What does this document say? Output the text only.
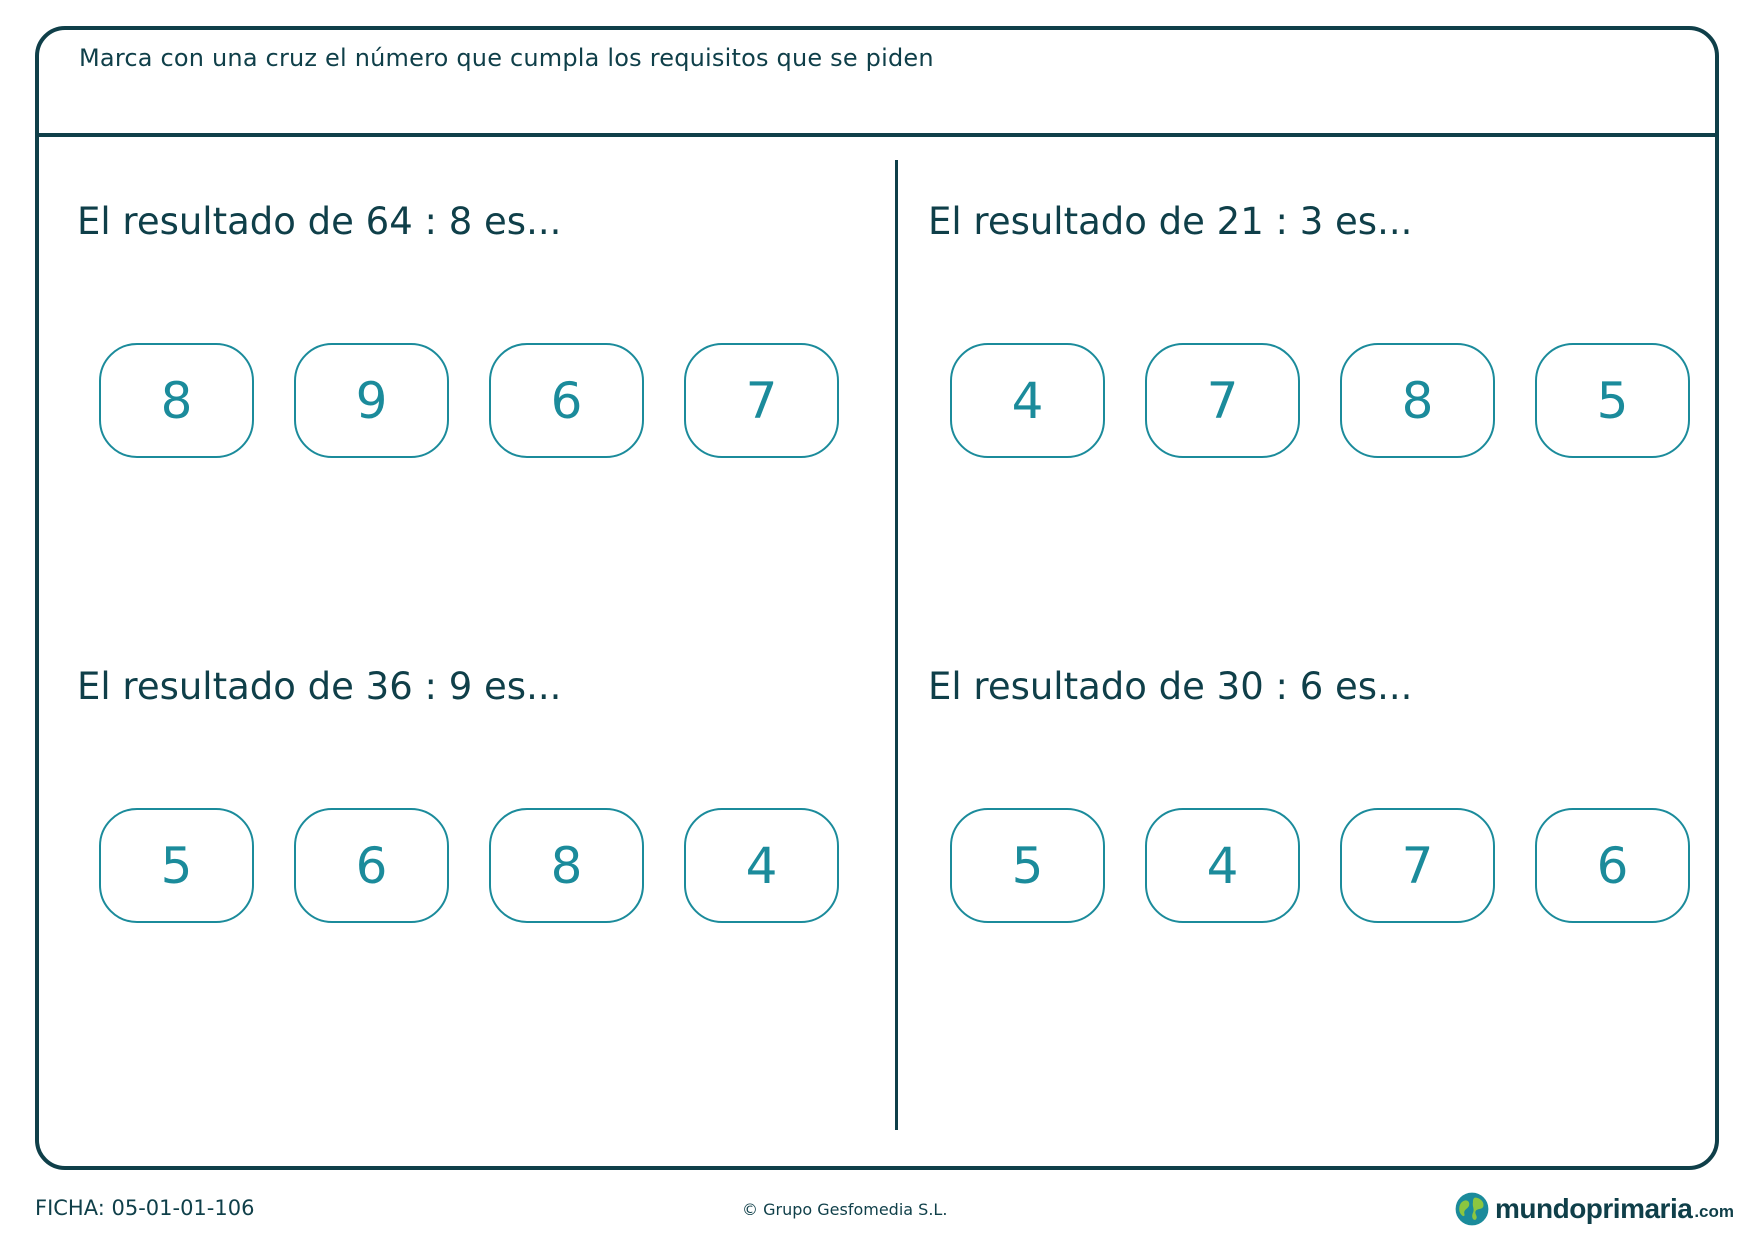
Marca con una cruz el número que cumpla los requisitos que se piden
El resultado de 64 : 8 es...
8	9	6	7
El resultado de 21 : 3 es...
4	7	8	5
El resultado de 36 : 9 es...
5	6	8	4
El resultado de 30 : 6 es...
5	4	7	6
FICHA: 05-01-01-106	© Grupo Gesfomedia S.L.	mundoprimaria .com
